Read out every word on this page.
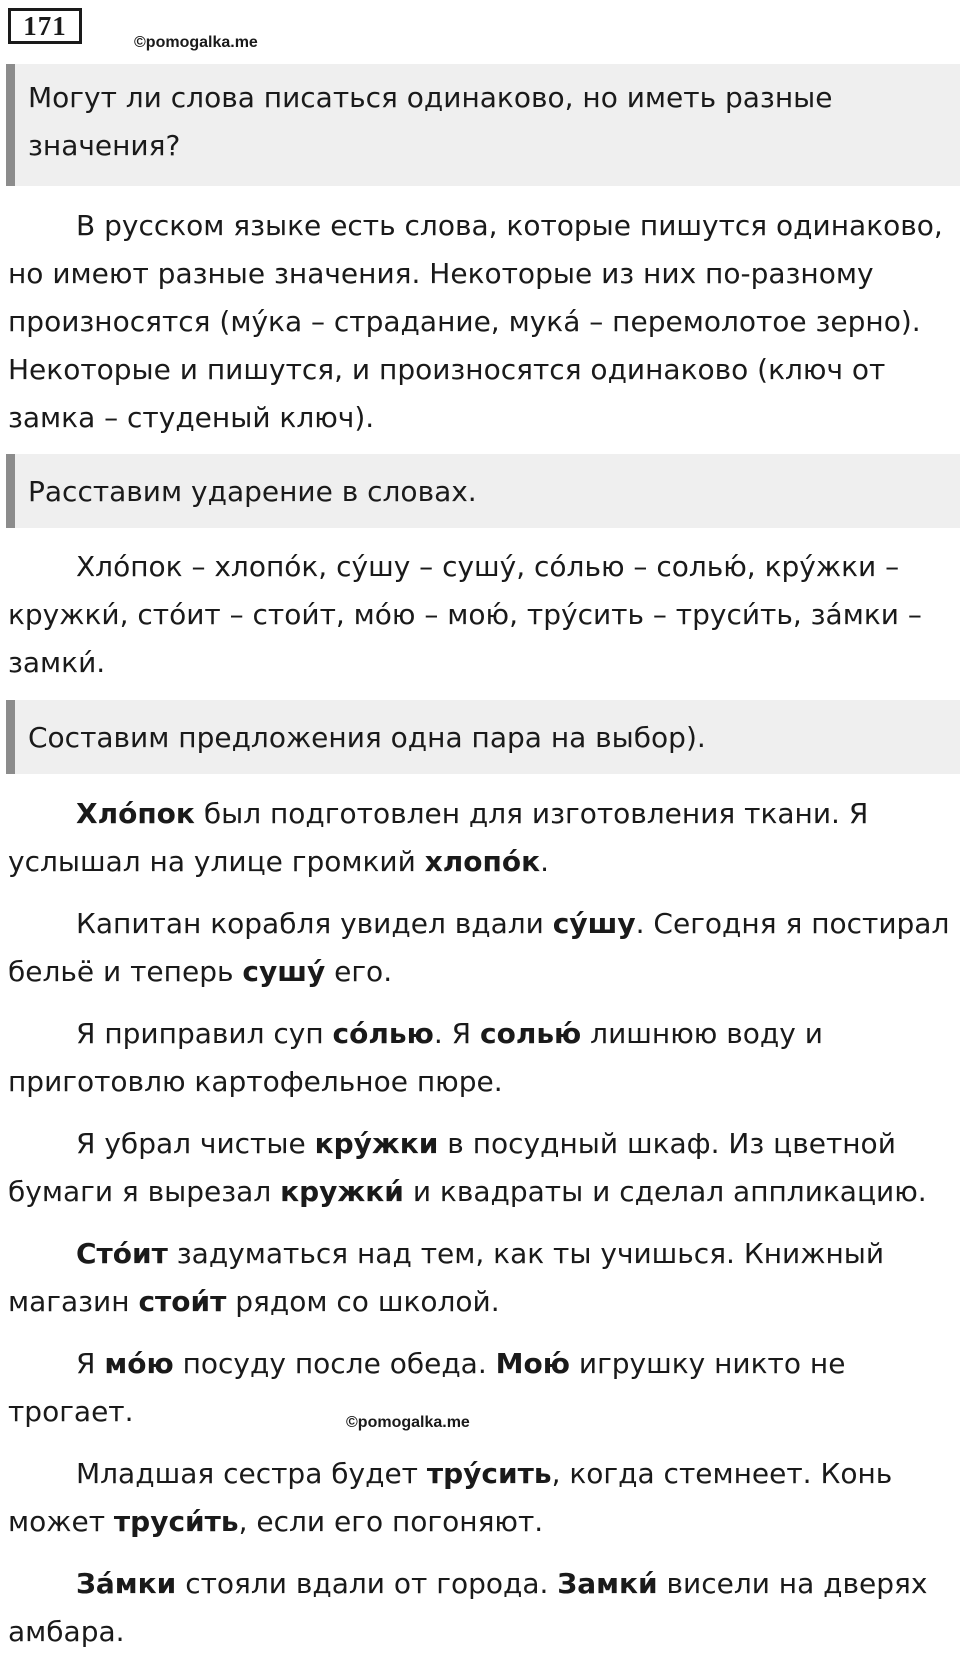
171
©pomogalka.me
Могут ли слова писаться одинаково, но иметь разные значения?

В русском языке есть слова, которые пишутся одинаково, но имеют разные значения. Некоторые из них по-разному произносятся (му́ка – страдание, мука́ – перемолотое зерно). Некоторые и пишутся, и произносятся одинаково (ключ от замка – студеный ключ).

Расставим ударение в словах.

Хло́пок – хлопо́к, су́шу – сушу́, со́лью – солью́, кру́жки – кружки́, сто́ит – стои́т, мо́ю – мою́, тру́сить – труси́ть, за́мки – замки́.

Составим предложения одна пара на выбор).

Хло́пок был подготовлен для изготовления ткани. Я услышал на улице громкий хлопо́к.

Капитан корабля увидел вдали су́шу. Сегодня я постирал бельё и теперь сушу́ его.

Я приправил суп со́лью. Я солью́ лишнюю воду и приготовлю картофельное пюре.

Я убрал чистые кру́жки в посудный шкаф. Из цветной бумаги я вырезал кружки́ и квадраты и сделал аппликацию.

Сто́ит задуматься над тем, как ты учишься. Книжный магазин стои́т рядом со школой.

Я мо́ю посуду после обеда. Мою́ игрушку никто не трогает.	©pomogalka.me

Младшая сестра будет тру́сить, когда стемнеет. Конь может труси́ть, если его погоняют.

За́мки стояли вдали от города. Замки́ висели на дверях амбара.
